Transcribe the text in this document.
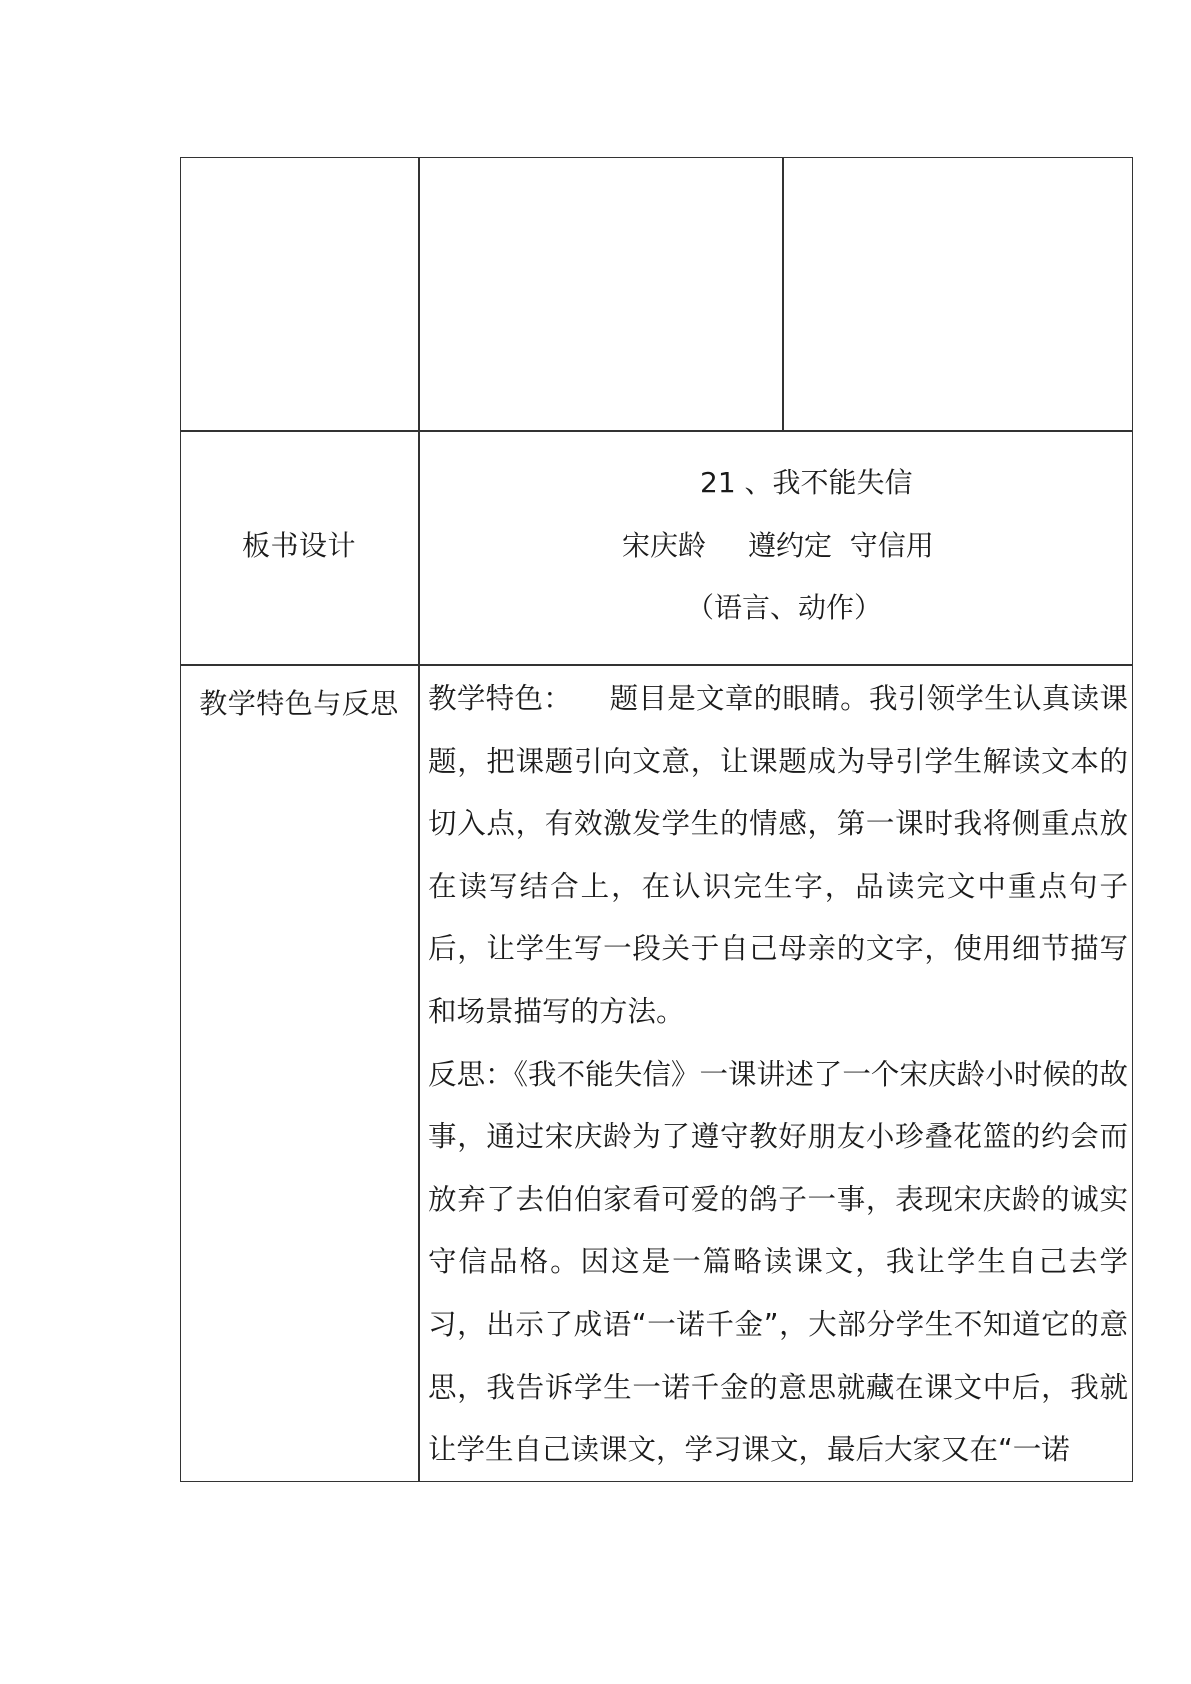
板书设计
21 、我不能失信
宋庆龄 遵约定  守信用
（语言、动作）
教学特色与反思	教学特色：    题目是文章的眼睛。我引领学生认真读课题，把课题引向文意，让课题成为导引学生解读文本的切入点，有效激发学生的情感，第一课时我将侧重点放在读写结合上，在认识完生字，品读完文中重点句子后，让学生写一段关于自己母亲的文字，使用细节描写和场景描写的方法。

反思：《我不能失信》一课讲述了一个宋庆龄小时候的故事，通过宋庆龄为了遵守教好朋友小珍叠花篮的约会而放弃了去伯伯家看可爱的鸽子一事，表现宋庆龄的诚实守信品格。因这是一篇略读课文，我让学生自己去学习，出示了成语“一诺千金”，大部分学生不知道它的意思，我告诉学生一诺千金的意思就藏在课文中后，我就让学生自己读课文，学习课文，最后大家又在“一诺
